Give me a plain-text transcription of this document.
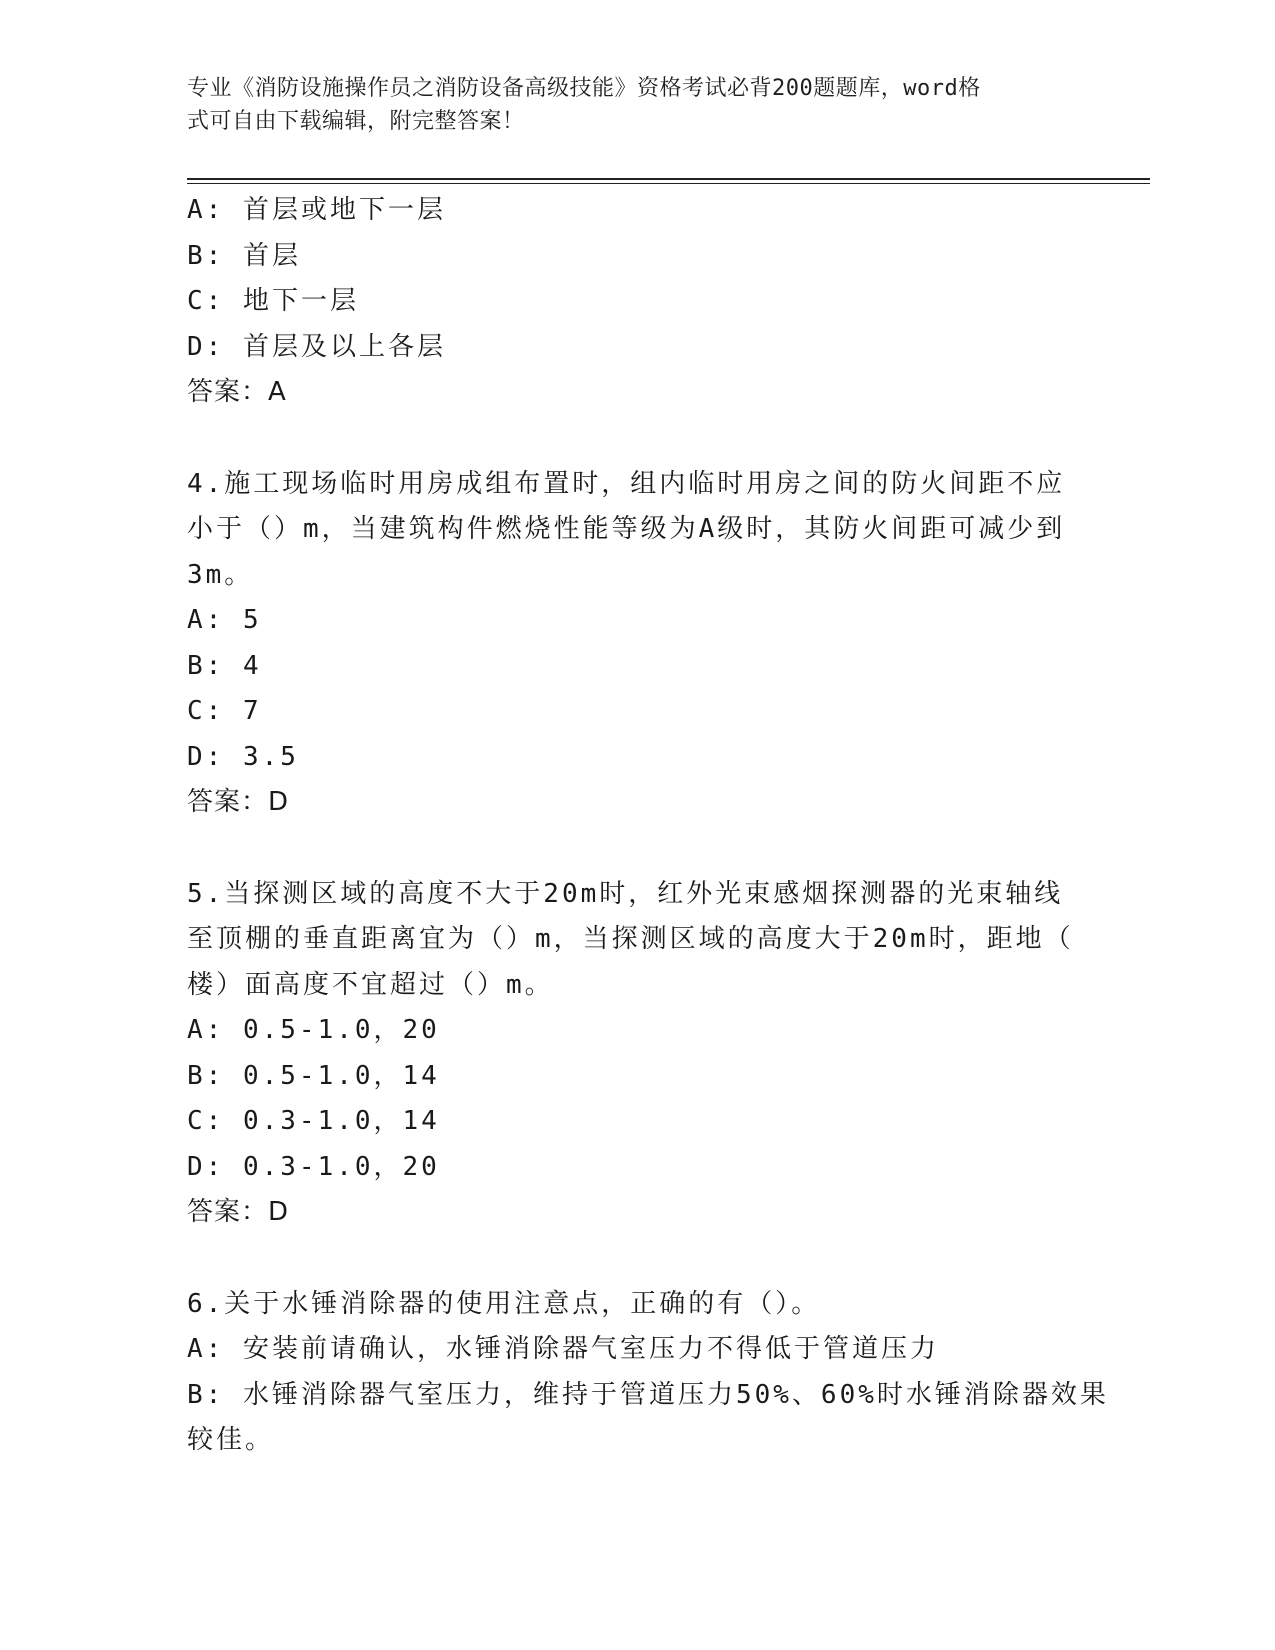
专业《消防设施操作员之消防设备高级技能》资格考试必背200题题库，word格
式可自由下载编辑，附完整答案！
A: 首层或地下一层
B: 首层
C: 地下一层
D: 首层及以上各层
答案：A
4.施工现场临时用房成组布置时，组内临时用房之间的防火间距不应
小于（）m，当建筑构件燃烧性能等级为A级时，其防火间距可减少到
3m。
A: 5
B: 4
C: 7
D: 3.5
答案：D
5.当探测区域的高度不大于20m时，红外光束感烟探测器的光束轴线
至顶棚的垂直距离宜为（）m，当探测区域的高度大于20m时，距地（
楼）面高度不宜超过（）m。
A: 0.5-1.0，20
B: 0.5-1.0，14
C: 0.3-1.0，14
D: 0.3-1.0，20
答案：D
6.关于水锤消除器的使用注意点，正确的有（）。
A: 安装前请确认，水锤消除器气室压力不得低于管道压力
B: 水锤消除器气室压力，维持于管道压力50%、60%时水锤消除器效果
较佳。
